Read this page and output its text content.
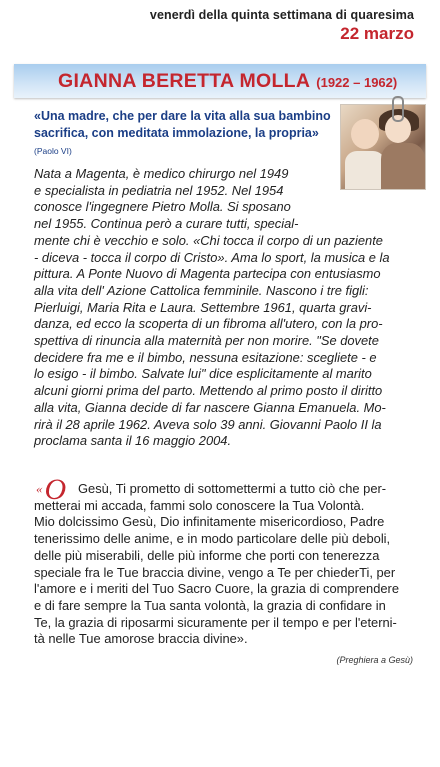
venerdì della quinta settimana di quaresima
22 marzo
GIANNA BERETTA MOLLA (1922 – 1962)
«Una madre, che per dare la vita alla sua bambino sacrifica, con meditata immolazione, la propria» (Paolo VI)
Nata a Magenta, è medico chirurgo nel 1949
e specialista in pediatria nel 1952. Nel 1954
conosce l'ingegnere Pietro Molla. Si sposano
nel 1955. Continua però a curare tutti, special-
mente chi è vecchio e solo. «Chi tocca il corpo di un paziente
- diceva - tocca il corpo di Cristo». Ama lo sport, la musica e la
pittura. A Ponte Nuovo di Magenta partecipa con entusiasmo
alla vita dell' Azione Cattolica femminile. Nascono i tre figli:
Pierluigi, Maria Rita e Laura. Settembre 1961, quarta gravi-
danza, ed ecco la scoperta di un fibroma all'utero, con la pro-
spettiva di rinuncia alla maternità per non morire. "Se dovete
decidere fra me e il bimbo, nessuna esitazione: scegliete - e
lo esigo - il bimbo. Salvate lui" dice esplicitamente al marito
alcuni giorni prima del parto. Mettendo al primo posto il diritto
alla vita, Gianna decide di far nascere Gianna Emanuela. Mo-
rirà il 28 aprile 1962. Aveva solo 39 anni. Giovanni Paolo II la
proclama santa il 16 maggio 2004.
«O Gesù, Ti prometto di sottomettermi a tutto ciò che per-
metterai mi accada, fammi solo conoscere la Tua Volontà.
Mio dolcissimo Gesù, Dio infinitamente misericordioso, Padre
tenerissimo delle anime, e in modo particolare delle più deboli,
delle più miserabili, delle più informe che porti con tenerezza
speciale fra le Tue braccia divine, vengo a Te per chiederTi, per
l'amore e i meriti del Tuo Sacro Cuore, la grazia di comprendere
e di fare sempre la Tua santa volontà, la grazia di confidare in
Te, la grazia di riposarmi sicuramente per il tempo e per l'eterni-
tà nelle Tue amorose braccia divine».
(Preghiera a Gesù)
